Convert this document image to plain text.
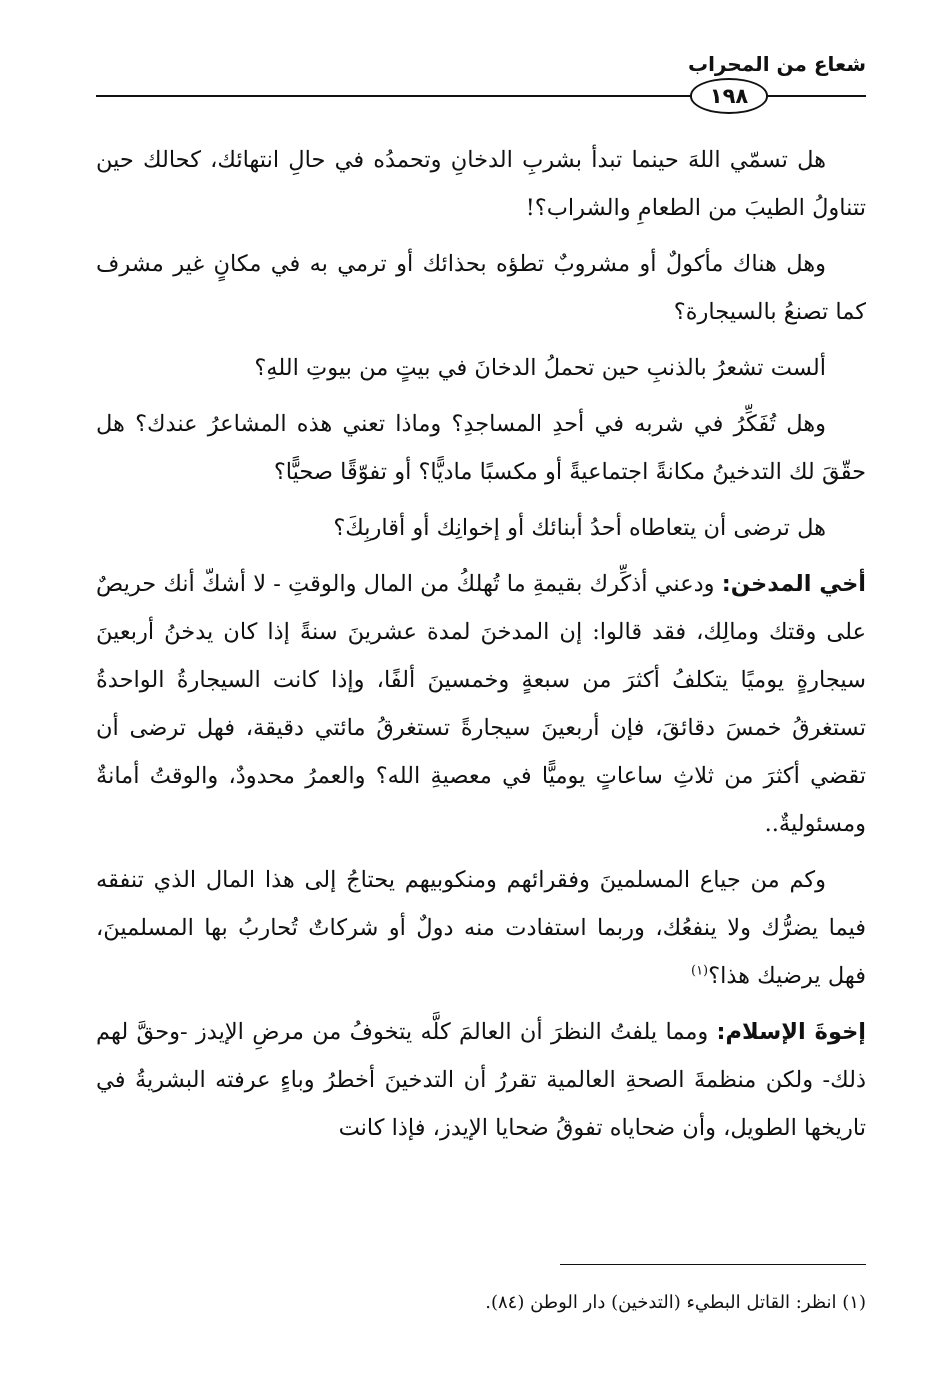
شعاع من المحراب
١٩٨

هل تسمّي اللهَ حينما تبدأ بشربِ الدخانِ وتحمدُه في حالِ انتهائك، كحالك حين تتناولُ الطيبَ من الطعامِ والشراب؟!

وهل هناك مأكولٌ أو مشروبٌ تطؤه بحذائك أو ترمي به في مكانٍ غير مشرف كما تصنعُ بالسيجارة؟

ألست تشعرُ بالذنبِ حين تحملُ الدخانَ في بيتٍ من بيوتِ اللهِ؟

وهل تُفَكِّرُ في شربه في أحدِ المساجدِ؟ وماذا تعني هذه المشاعرُ عندك؟ هل حقّقَ لك التدخينُ مكانةً اجتماعيةً أو مكسبًا ماديًّا؟ أو تفوّقًا صحيًّا؟

هل ترضى أن يتعاطاه أحدُ أبنائك أو إخوانِك أو أقاربِكَ؟

أخي المدخن: ودعني أذكِّرك بقيمةِ ما تُهلكُ من المال والوقتِ - لا أشكّ أنك حريصٌ على وقتك ومالِك، فقد قالوا: إن المدخنَ لمدة عشرينَ سنةً إذا كان يدخنُ أربعينَ سيجارةٍ يوميًا يتكلفُ أكثرَ من سبعةٍ وخمسينَ ألفًا، وإذا كانت السيجارةُ الواحدةُ تستغرقُ خمسَ دقائقَ، فإن أربعينَ سيجارةً تستغرقُ مائتي دقيقة، فهل ترضى أن تقضي أكثرَ من ثلاثِ ساعاتٍ يوميًّا في معصيةِ الله؟ والعمرُ محدودٌ، والوقتُ أمانةٌ ومسئوليةٌ..

وكم من جياع المسلمينَ وفقرائهم ومنكوبيهم يحتاجُ إلى هذا المال الذي تنفقه فيما يضرُّك ولا ينفعُك، وربما استفادت منه دولٌ أو شركاتٌ تُحاربُ بها المسلمينَ، فهل يرضيك هذا؟$^{(١)}$

إخوةَ الإسلام: ومما يلفتُ النظرَ أن العالمَ كلَّه يتخوفُ من مرضِ الإيدز -وحقَّ لهم ذلك- ولكن منظمةَ الصحةِ العالمية تقررُ أن التدخينَ أخطرُ وباءٍ عرفته البشريةُ في تاريخها الطويل، وأن ضحاياه تفوقُ ضحايا الإيدز، فإذا كانت

(١) انظر: القاتل البطيء (التدخين) دار الوطن (٨٤).
